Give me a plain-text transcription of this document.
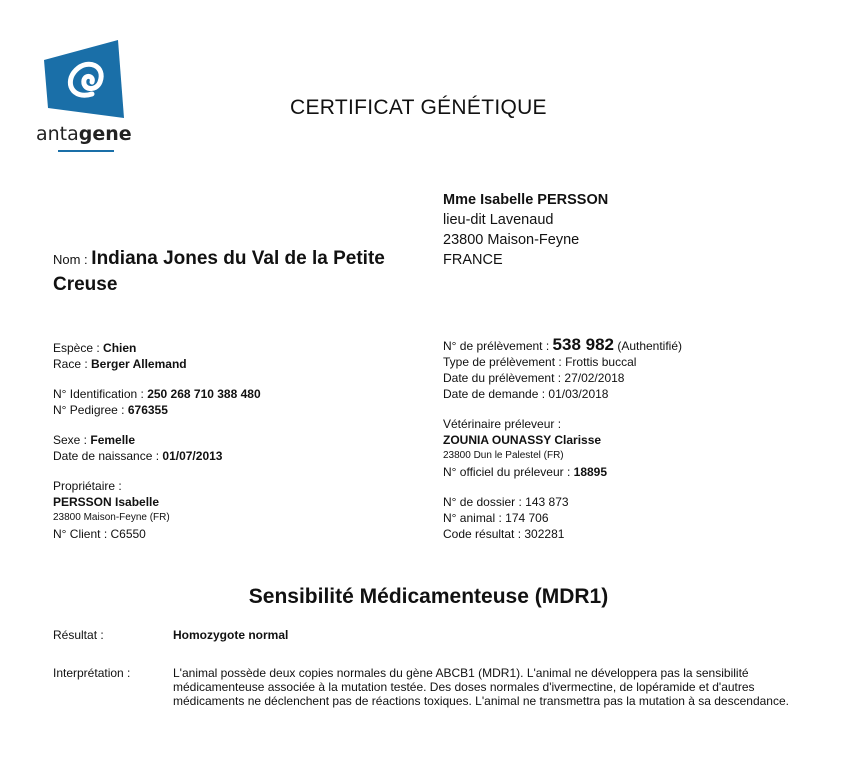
antagene
CERTIFICAT GÉNÉTIQUE
Mme Isabelle PERSSON
lieu-dit Lavenaud
23800 Maison-Feyne
FRANCE
Nom : Indiana Jones du Val de la Petite Creuse
Espèce : Chien
Race : Berger Allemand
N° Identification : 250 268 710 388 480
N° Pedigree : 676355
Sexe : Femelle
Date de naissance : 01/07/2013
Propriétaire :
PERSSON Isabelle
23800 Maison-Feyne (FR)
N° Client : C6550
N° de prélèvement : 538 982 (Authentifié)
Type de prélèvement : Frottis buccal
Date du prélèvement : 27/02/2018
Date de demande : 01/03/2018
Vétérinaire préleveur :
ZOUNIA OUNASSY Clarisse
23800 Dun le Palestel (FR)
N° officiel du préleveur : 18895
N° de dossier : 143 873
N° animal : 174 706
Code résultat : 302281
Sensibilité Médicamenteuse (MDR1)
Résultat :	Homozygote normal
Interprétation :	L'animal possède deux copies normales du gène ABCB1 (MDR1). L'animal ne développera pas la sensibilité médicamenteuse associée à la mutation testée. Des doses normales d'ivermectine, de lopéramide et d'autres médicaments ne déclenchent pas de réactions toxiques. L'animal ne transmettra pas la mutation à sa descendance.
